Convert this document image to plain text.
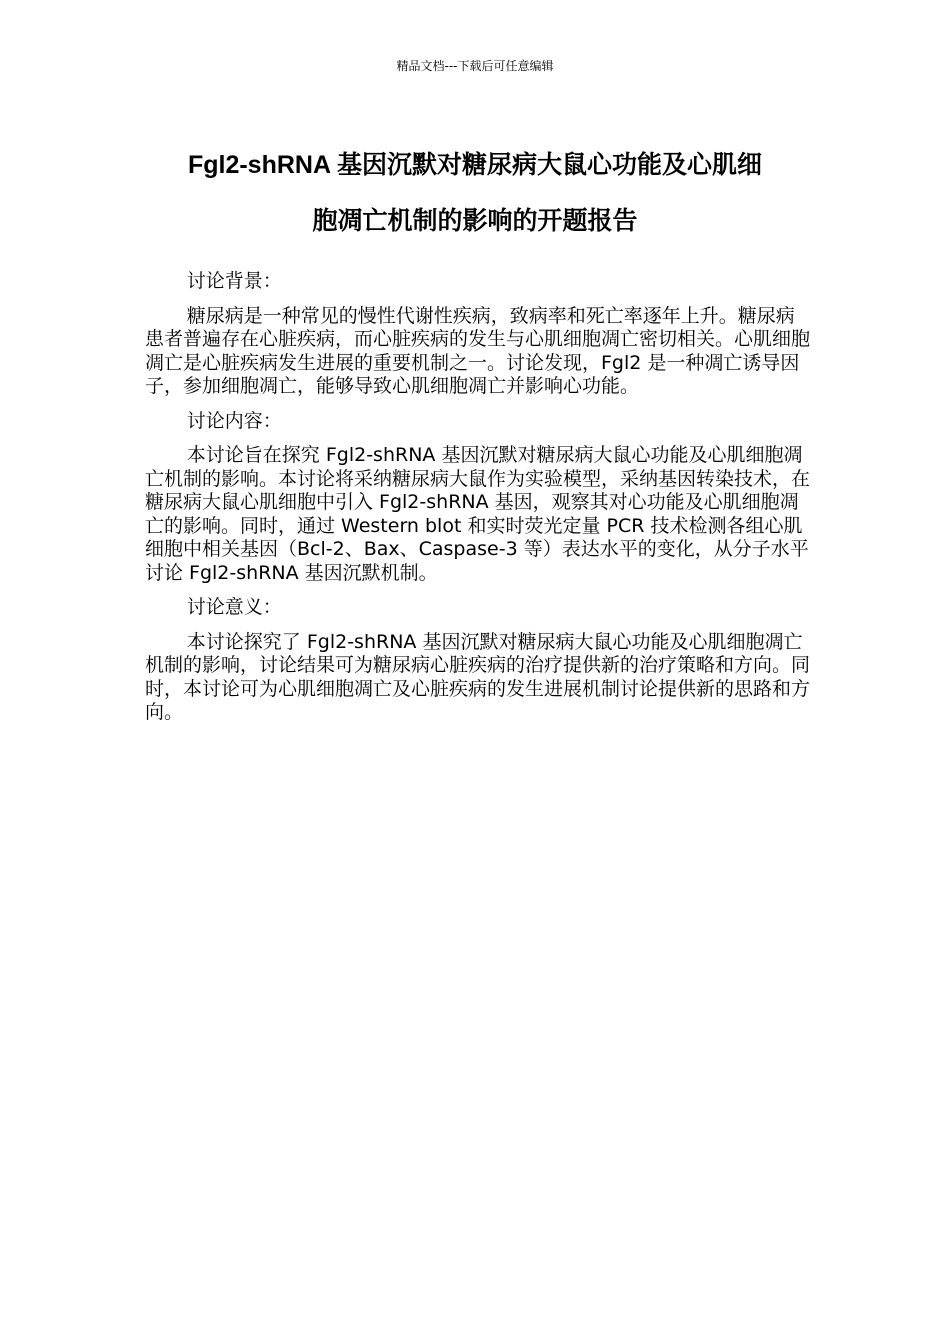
精品文档---下载后可任意编辑
Fgl2-shRNA 基因沉默对糖尿病大鼠心功能及心肌细
胞凋亡机制的影响的开题报告

讨论背景：

糖尿病是一种常见的慢性代谢性疾病，致病率和死亡率逐年上升。糖尿病患者普遍存在心脏疾病，而心脏疾病的发生与心肌细胞凋亡密切相关。心肌细胞凋亡是心脏疾病发生进展的重要机制之一。讨论发现，Fgl2 是一种凋亡诱导因子，参加细胞凋亡，能够导致心肌细胞凋亡并影响心功能。

讨论内容：

本讨论旨在探究 Fgl2-shRNA 基因沉默对糖尿病大鼠心功能及心肌细胞凋亡机制的影响。本讨论将采纳糖尿病大鼠作为实验模型，采纳基因转染技术，在糖尿病大鼠心肌细胞中引入 Fgl2-shRNA 基因，观察其对心功能及心肌细胞凋亡的影响。同时，通过 Western blot 和实时荧光定量 PCR 技术检测各组心肌细胞中相关基因（Bcl-2、Bax、Caspase-3 等）表达水平的变化，从分子水平讨论 Fgl2-shRNA 基因沉默机制。

讨论意义：

本讨论探究了 Fgl2-shRNA 基因沉默对糖尿病大鼠心功能及心肌细胞凋亡机制的影响，讨论结果可为糖尿病心脏疾病的治疗提供新的治疗策略和方向。同时，本讨论可为心肌细胞凋亡及心脏疾病的发生进展机制讨论提供新的思路和方向。
